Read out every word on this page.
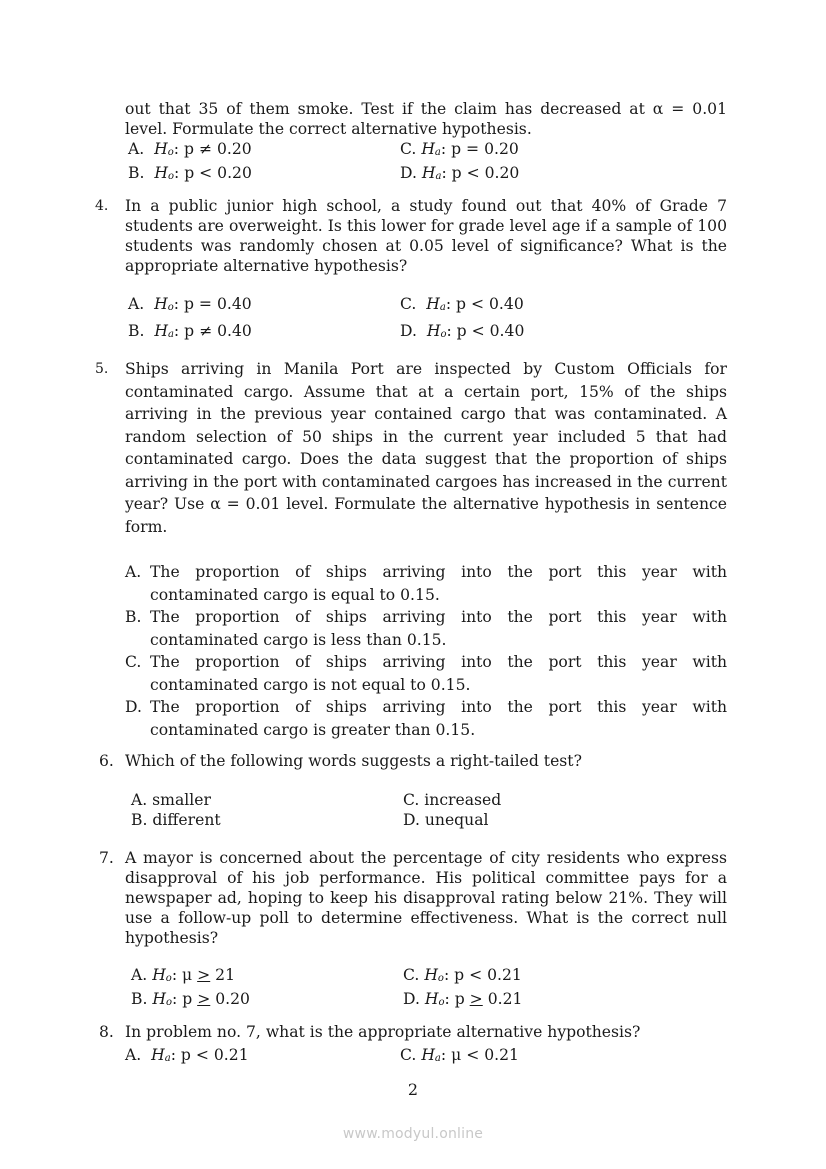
out that 35 of them smoke. Test if the claim has decreased at α = 0.01
level. Formulate the correct alternative hypothesis.
A. Ho: p ≠ 0.20	C. Ha: p = 0.20
B. Ho: p < 0.20	D. Ha: p < 0.20
4.	In a public junior high school, a study found out that 40% of Grade 7 students are overweight. Is this lower for grade level age if a sample of 100 students was randomly chosen at 0.05 level of significance? What is the appropriate alternative hypothesis?
A. Ho: p = 0.40	C. Ha: p < 0.40
B. Ha: p ≠ 0.40	D. Ho: p < 0.40
5.	Ships arriving in Manila Port are inspected by Custom Officials for contaminated cargo. Assume that at a certain port, 15% of the ships arriving in the previous year contained cargo that was contaminated. A random selection of 50 ships in the current year included 5 that had contaminated cargo. Does the data suggest that the proportion of ships arriving in the port with contaminated cargoes has increased in the current year? Use α = 0.01 level. Formulate the alternative hypothesis in sentence form.
A. The proportion of ships arriving into the port this year with contaminated cargo is equal to 0.15.
B. The proportion of ships arriving into the port this year with contaminated cargo is less than 0.15.
C. The proportion of ships arriving into the port this year with contaminated cargo is not equal to 0.15.
D. The proportion of ships arriving into the port this year with contaminated cargo is greater than 0.15.
6. Which of the following words suggests a right-tailed test?
A. smaller	C. increased
B. different	D. unequal
7. A mayor is concerned about the percentage of city residents who express disapproval of his job performance. His political committee pays for a newspaper ad, hoping to keep his disapproval rating below 21%. They will use a follow-up poll to determine effectiveness. What is the correct null hypothesis?
A. Ho: μ ≥ 21	C. Ho: p < 0.21
B. Ho: p ≥ 0.20	D. Ho: p ≥ 0.21
8. In problem no. 7, what is the appropriate alternative hypothesis?
A. Ha: p < 0.21	C. Ha: μ < 0.21
2
www.modyul.online
